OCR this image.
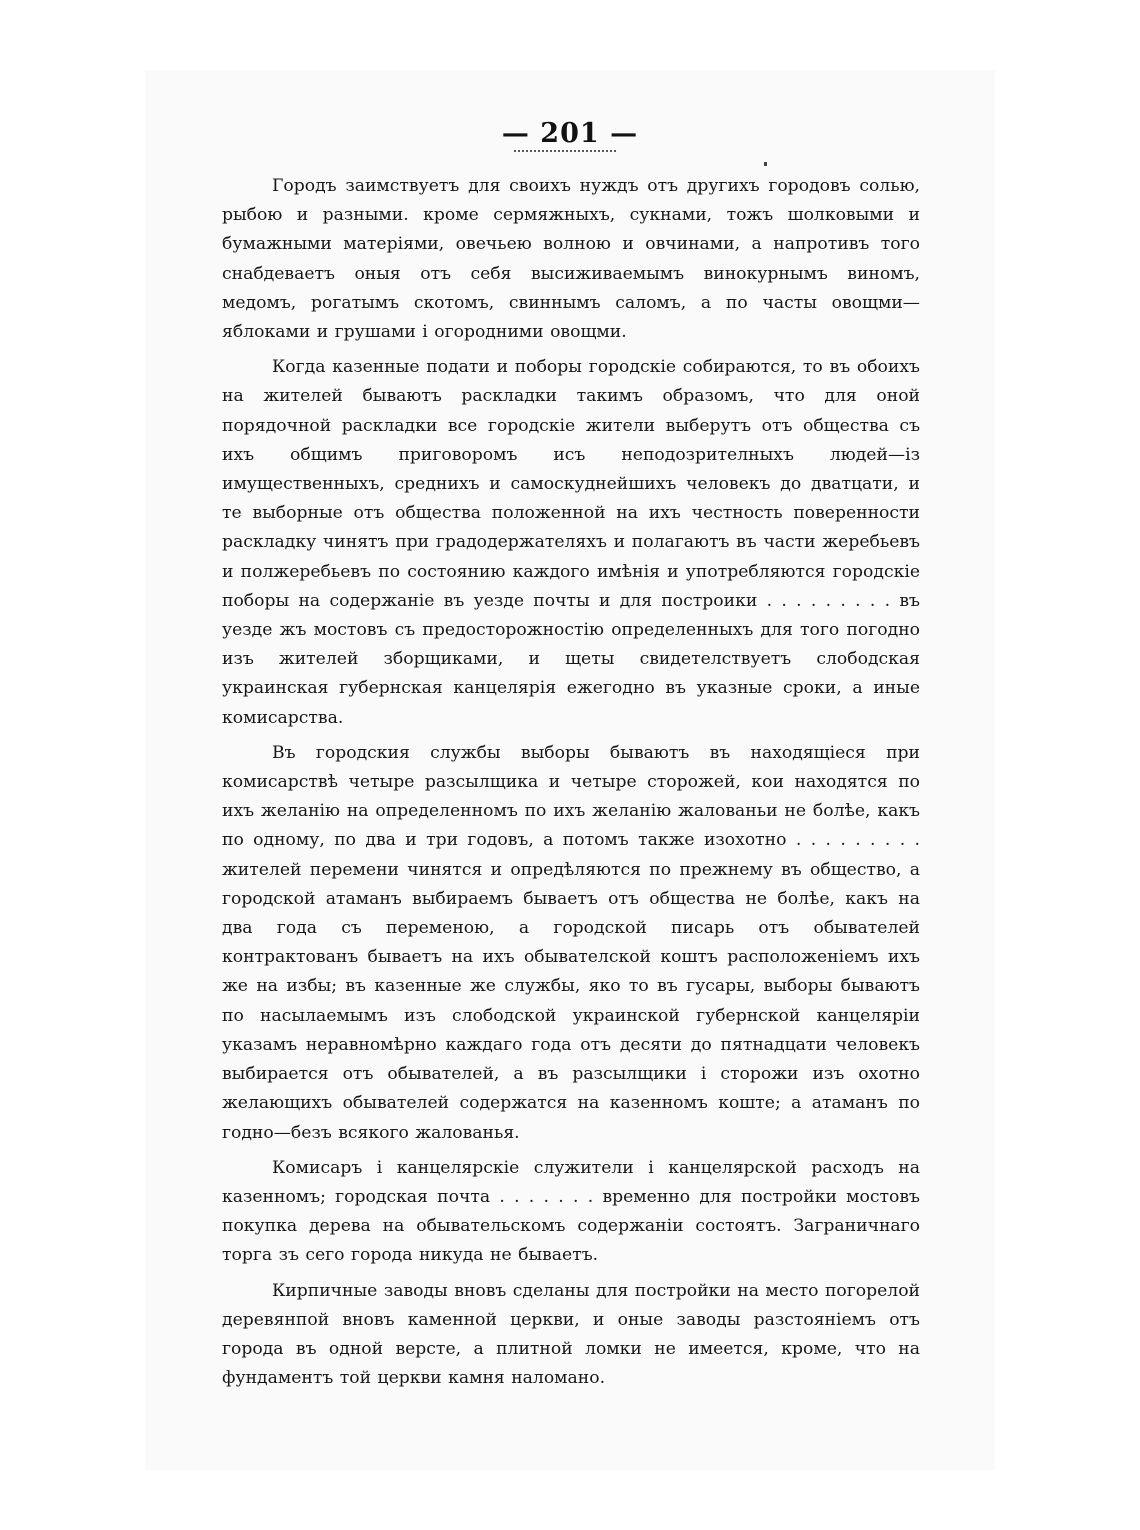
— 201 —

Городъ заимствуетъ для своихъ нуждъ отъ другихъ городовъ солью, рыбою и разными. кроме сермяжныхъ, сукнами, тожъ шолковыми и бумажными матеріями, овечьею волною и овчинами, а напротивъ того снабдеваетъ оныя отъ себя высиживаемымъ винокурнымъ виномъ, медомъ, рогатымъ скотомъ, свиннымъ саломъ, а по часты овощми—яблоками и грушами і огородними овощми.

Когда казенные подати и поборы городскіе собираются, то въ обоихъ на жителей бываютъ раскладки такимъ образомъ, что для оной порядочной раскладки все городскіе жители выберутъ отъ общества съ ихъ общимъ приговоромъ исъ неподозрителныхъ людей—із имущественныхъ, среднихъ и самоскуднейшихъ человекъ до дватцати, и те выборные отъ общества положенной на ихъ честность поверенности раскладку чинятъ при градодержателяхъ и полагаютъ въ части жеребьевъ и полжеребьевъ по состоянию каждого имѣнія и употребляются городскіе поборы на содержаніе въ уезде почты и для построики . . . . . . . . . въ уезде жъ мостовъ съ предосторожностію определенныхъ для того погодно изъ жителей зборщиками, и щеты свидетелствуетъ слободская украинская губернская канцелярія ежегодно въ указные сроки, а иные комисарства.

Въ городския службы выборы бываютъ въ находящіеся при комисарствѣ четыре разсылщика и четыре сторожей, кои находятся по ихъ желанію на определенномъ по ихъ желанію жалованьи не болѣе, какъ по одному, по два и три годовъ, а потомъ также изохотно . . . . . . . . . жителей перемени чинятся и опредѣляются по прежнему въ общество, а городской атаманъ выбираемъ бываетъ отъ общества не болѣе, какъ на два года съ переменою, а городской писарь отъ обывателей контрактованъ бываетъ на ихъ обывателской коштъ расположеніемъ ихъ же на избы; въ казенные же службы, яко то въ гусары, выборы бываютъ по насылаемымъ изъ слободской украинской губернской канцеляріи указамъ неравномѣрно каждаго года отъ десяти до пятнадцати человекъ выбирается отъ обывателей, а въ разсылщики і сторожи изъ охотно желающихъ обывателей содержатся на казенномъ коште; а атаманъ по годно—безъ всякого жалованья.

Комисаръ і канцелярскіе служители і канцелярской расходъ на казенномъ; городская почта . . . . . . . временно для постройки мостовъ покупка дерева на обывательскомъ содержаніи состоятъ. Заграничнаго торга зъ сего города никуда не бываетъ.

Кирпичные заводы вновъ сделаны для постройки на место погорелой деревянпой вновъ каменной церкви, и оные заводы разстояніемъ отъ города въ одной версте, а плитной ломки не имеется, кроме, что на фундаментъ той церкви камня наломано.
